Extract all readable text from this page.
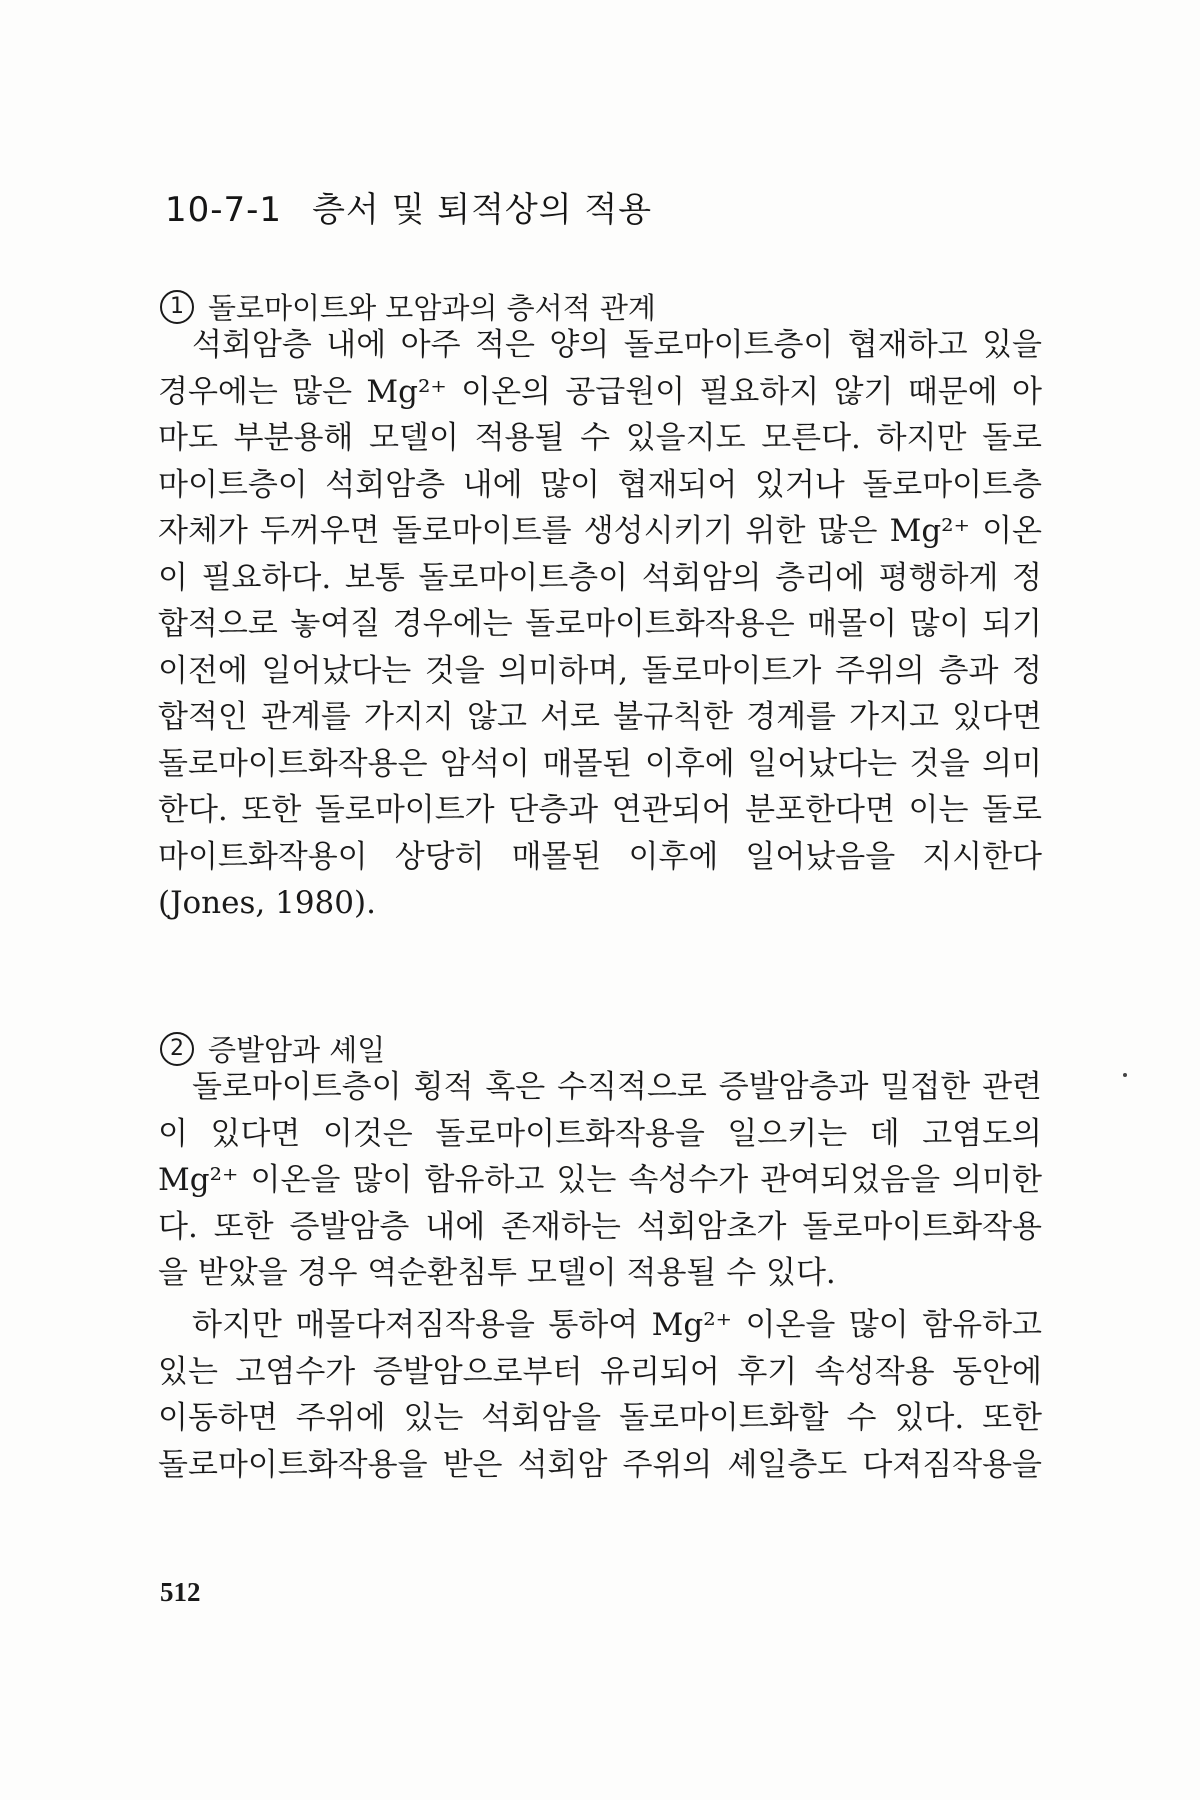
10-7-1 층서 및 퇴적상의 적용
1 돌로마이트와 모암과의 층서적 관계
석회암층 내에 아주 적은 양의 돌로마이트층이 협재하고 있을
경우에는 많은 Mg²⁺ 이온의 공급원이 필요하지 않기 때문에 아
마도 부분용해 모델이 적용될 수 있을지도 모른다. 하지만 돌로
마이트층이 석회암층 내에 많이 협재되어 있거나 돌로마이트층
자체가 두꺼우면 돌로마이트를 생성시키기 위한 많은 Mg²⁺ 이온
이 필요하다. 보통 돌로마이트층이 석회암의 층리에 평행하게 정
합적으로 놓여질 경우에는 돌로마이트화작용은 매몰이 많이 되기
이전에 일어났다는 것을 의미하며, 돌로마이트가 주위의 층과 정
합적인 관계를 가지지 않고 서로 불규칙한 경계를 가지고 있다면
돌로마이트화작용은 암석이 매몰된 이후에 일어났다는 것을 의미
한다. 또한 돌로마이트가 단층과 연관되어 분포한다면 이는 돌로
마이트화작용이 상당히 매몰된 이후에 일어났음을 지시한다
(Jones, 1980).
2 증발암과 셰일
돌로마이트층이 횡적 혹은 수직적으로 증발암층과 밀접한 관련
이 있다면 이것은 돌로마이트화작용을 일으키는 데 고염도의
Mg²⁺ 이온을 많이 함유하고 있는 속성수가 관여되었음을 의미한
다. 또한 증발암층 내에 존재하는 석회암초가 돌로마이트화작용
을 받았을 경우 역순환침투 모델이 적용될 수 있다.
하지만 매몰다져짐작용을 통하여 Mg²⁺ 이온을 많이 함유하고
있는 고염수가 증발암으로부터 유리되어 후기 속성작용 동안에
이동하면 주위에 있는 석회암을 돌로마이트화할 수 있다. 또한
돌로마이트화작용을 받은 석회암 주위의 셰일층도 다져짐작용을
512
